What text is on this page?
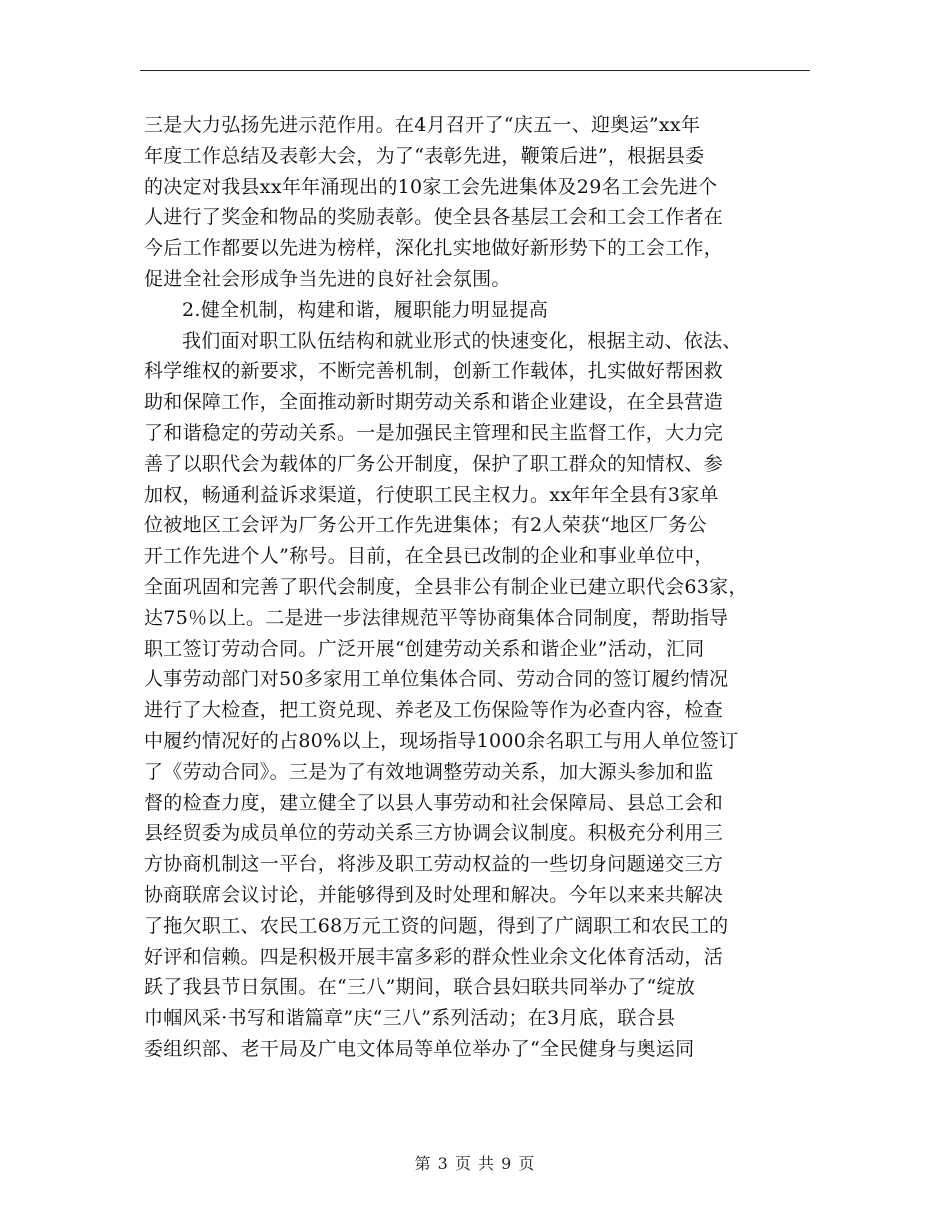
三是大力弘扬先进示范作用。在4月召开了“庆五一、迎奥运”xx年
年度工作总结及表彰大会，为了“表彰先进，鞭策后进”，根据县委
的决定对我县xx年年涌现出的10家工会先进集体及29名工会先进个
人进行了奖金和物品的奖励表彰。使全县各基层工会和工会工作者在
今后工作都要以先进为榜样，深化扎实地做好新形势下的工会工作，
促进全社会形成争当先进的良好社会氛围。
2.健全机制，构建和谐，履职能力明显提高
我们面对职工队伍结构和就业形式的快速变化，根据主动、依法、
科学维权的新要求，不断完善机制，创新工作载体，扎实做好帮困救
助和保障工作，全面推动新时期劳动关系和谐企业建设，在全县营造
了和谐稳定的劳动关系。一是加强民主管理和民主监督工作，大力完
善了以职代会为载体的厂务公开制度，保护了职工群众的知情权、参
加权，畅通利益诉求渠道，行使职工民主权力。xx年年全县有3家单
位被地区工会评为厂务公开工作先进集体；有2人荣获“地区厂务公
开工作先进个人”称号。目前，在全县已改制的企业和事业单位中，
全面巩固和完善了职代会制度，全县非公有制企业已建立职代会63家，
达75％以上。二是进一步法律规范平等协商集体合同制度，帮助指导
职工签订劳动合同。广泛开展“创建劳动关系和谐企业”活动，汇同
人事劳动部门对50多家用工单位集体合同、劳动合同的签订履约情况
进行了大检查，把工资兑现、养老及工伤保险等作为必查内容，检查
中履约情况好的占80%以上，现场指导1000余名职工与用人单位签订
了《劳动合同》。三是为了有效地调整劳动关系，加大源头参加和监
督的检查力度，建立健全了以县人事劳动和社会保障局、县总工会和
县经贸委为成员单位的劳动关系三方协调会议制度。积极充分利用三
方协商机制这一平台，将涉及职工劳动权益的一些切身问题递交三方
协商联席会议讨论，并能够得到及时处理和解决。今年以来来共解决
了拖欠职工、农民工68万元工资的问题，得到了广阔职工和农民工的
好评和信赖。四是积极开展丰富多彩的群众性业余文化体育活动，活
跃了我县节日氛围。在“三八”期间，联合县妇联共同举办了“绽放
巾帼风采·书写和谐篇章”庆“三八”系列活动；在3月底，联合县
委组织部、老干局及广电文体局等单位举办了“全民健身与奥运同
第 3 页 共 9 页
